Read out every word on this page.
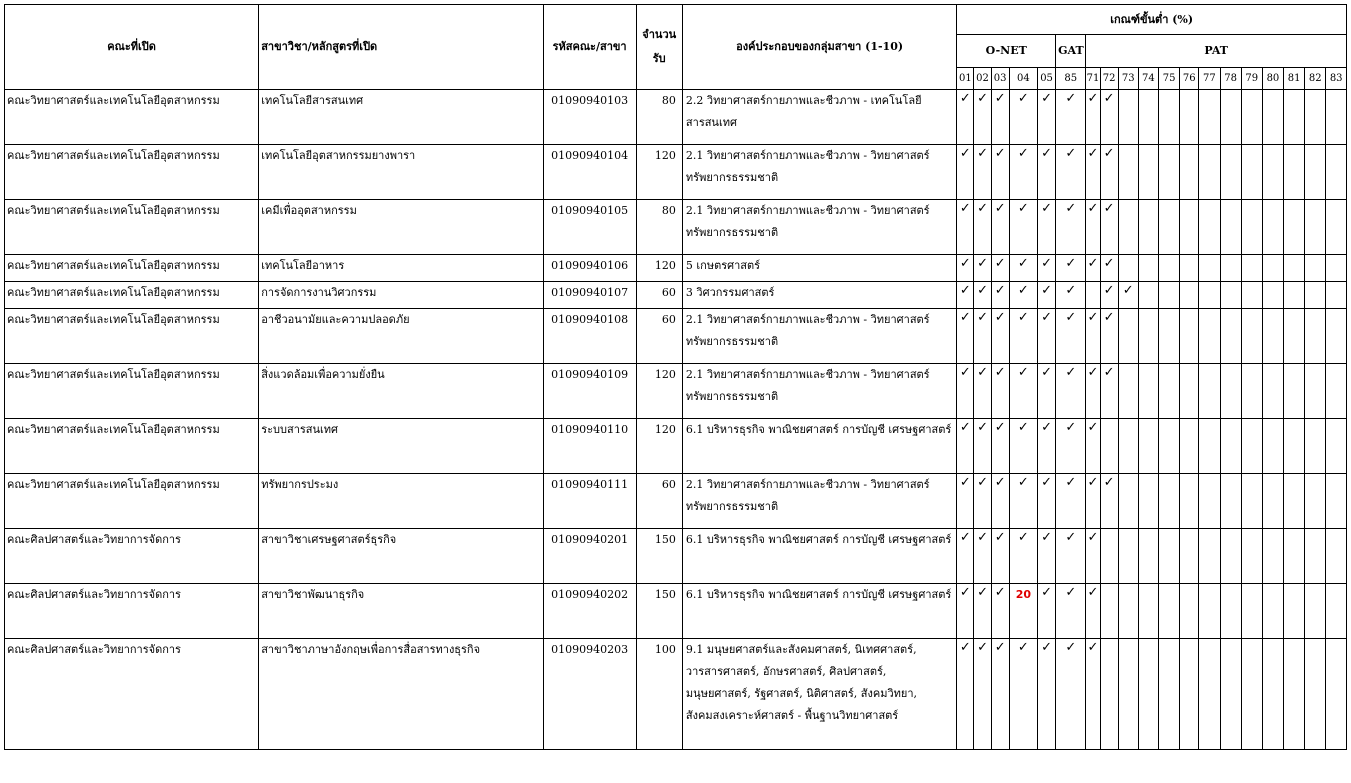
คณะที่เปิด	สาขาวิชา/หลักสูตรที่เปิด	รหัสคณะ/สาขา	จำนวน
รับ	องค์ประกอบของกลุ่มสาขา (1-10)	เกณฑ์ขั้นต่ำ (%)																		
					O-NET					GAT	PAT												
					01	02	03	04	05	85	71	72	73	74	75	76	77	78	79	80	81	82	83
คณะวิทยาศาสตร์และเทคโนโลยีอุตสาหกรรม	เทคโนโลยีสารสนเทศ	01090940103	80	2.2 วิทยาศาสตร์กายภาพและชีวภาพ - เทคโนโลยีสารสนเทศ	✓	✓	✓	✓	✓	✓	✓	✓											
คณะวิทยาศาสตร์และเทคโนโลยีอุตสาหกรรม	เทคโนโลยีอุตสาหกรรมยางพารา	01090940104	120	2.1 วิทยาศาสตร์กายภาพและชีวภาพ - วิทยาศาสตร์ทรัพยากรธรรมชาติ	✓	✓	✓	✓	✓	✓	✓	✓											
คณะวิทยาศาสตร์และเทคโนโลยีอุตสาหกรรม	เคมีเพื่ออุตสาหกรรม	01090940105	80	2.1 วิทยาศาสตร์กายภาพและชีวภาพ - วิทยาศาสตร์ทรัพยากรธรรมชาติ	✓	✓	✓	✓	✓	✓	✓	✓											
คณะวิทยาศาสตร์และเทคโนโลยีอุตสาหกรรม	เทคโนโลยีอาหาร	01090940106	120	5 เกษตรศาสตร์	✓	✓	✓	✓	✓	✓	✓	✓											
คณะวิทยาศาสตร์และเทคโนโลยีอุตสาหกรรม	การจัดการงานวิศวกรรม	01090940107	60	3 วิศวกรรมศาสตร์	✓	✓	✓	✓	✓	✓		✓	✓										
คณะวิทยาศาสตร์และเทคโนโลยีอุตสาหกรรม	อาชีวอนามัยและความปลอดภัย	01090940108	60	2.1 วิทยาศาสตร์กายภาพและชีวภาพ - วิทยาศาสตร์ทรัพยากรธรรมชาติ	✓	✓	✓	✓	✓	✓	✓	✓											
คณะวิทยาศาสตร์และเทคโนโลยีอุตสาหกรรม	สิ่งแวดล้อมเพื่อความยั่งยืน	01090940109	120	2.1 วิทยาศาสตร์กายภาพและชีวภาพ - วิทยาศาสตร์ทรัพยากรธรรมชาติ	✓	✓	✓	✓	✓	✓	✓	✓											
คณะวิทยาศาสตร์และเทคโนโลยีอุตสาหกรรม	ระบบสารสนเทศ	01090940110	120	6.1 บริหารธุรกิจ พาณิชยศาสตร์ การบัญชี เศรษฐศาสตร์	✓	✓	✓	✓	✓	✓	✓												
คณะวิทยาศาสตร์และเทคโนโลยีอุตสาหกรรม	ทรัพยากรประมง	01090940111	60	2.1 วิทยาศาสตร์กายภาพและชีวภาพ - วิทยาศาสตร์ทรัพยากรธรรมชาติ	✓	✓	✓	✓	✓	✓	✓	✓											
คณะศิลปศาสตร์และวิทยาการจัดการ	สาขาวิชาเศรษฐศาสตร์ธุรกิจ	01090940201	150	6.1 บริหารธุรกิจ พาณิชยศาสตร์ การบัญชี เศรษฐศาสตร์	✓	✓	✓	✓	✓	✓	✓												
คณะศิลปศาสตร์และวิทยาการจัดการ	สาขาวิชาพัฒนาธุรกิจ	01090940202	150	6.1 บริหารธุรกิจ พาณิชยศาสตร์ การบัญชี เศรษฐศาสตร์	✓	✓	✓	20	✓	✓	✓												
คณะศิลปศาสตร์และวิทยาการจัดการ	สาขาวิชาภาษาอังกฤษเพื่อการสื่อสารทางธุรกิจ	01090940203	100	9.1 มนุษยศาสตร์และสังคมศาสตร์, นิเทศศาสตร์, วารสารศาสตร์, อักษรศาสตร์, ศิลปศาสตร์, มนุษยศาสตร์, รัฐศาสตร์, นิติศาสตร์, สังคมวิทยา, สังคมสงเคราะห์ศาสตร์ - พื้นฐานวิทยาศาสตร์	✓	✓	✓	✓	✓	✓	✓												
